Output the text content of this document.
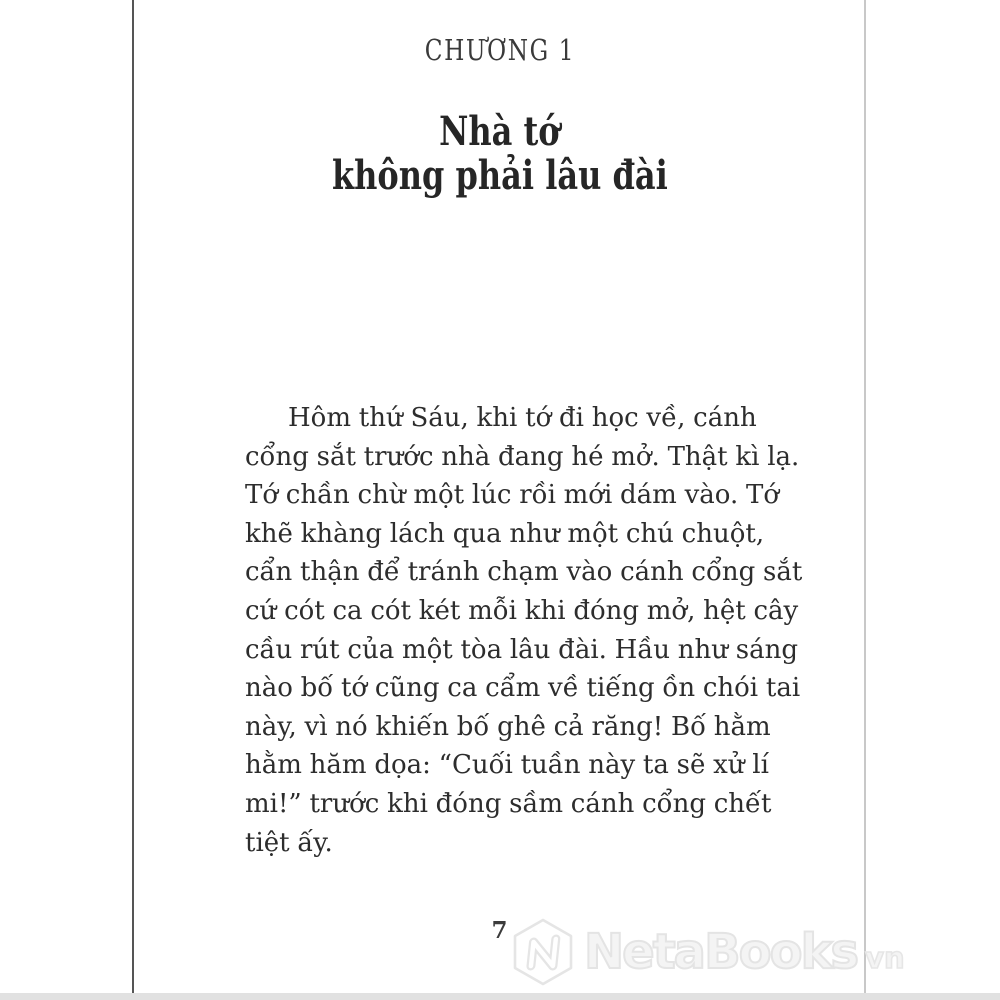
CHƯƠNG 1
Nhà tớ
không phải lâu đài
Hôm thứ Sáu, khi tớ đi học về, cánh
cổng sắt trước nhà đang hé mở. Thật kì lạ.
Tớ chần chừ một lúc rồi mới dám vào. Tớ
khẽ khàng lách qua như một chú chuột,
cẩn thận để tránh chạm vào cánh cổng sắt
cứ cót ca cót két mỗi khi đóng mở, hệt cây
cầu rút của một tòa lâu đài. Hầu như sáng
nào bố tớ cũng ca cẩm về tiếng ồn chói tai
này, vì nó khiến bố ghê cả răng! Bố hằm
hằm hăm dọa: “Cuối tuần này ta sẽ xử lí
mi!” trước khi đóng sầm cánh cổng chết
tiệt ấy.
7	NetaBooks vn
